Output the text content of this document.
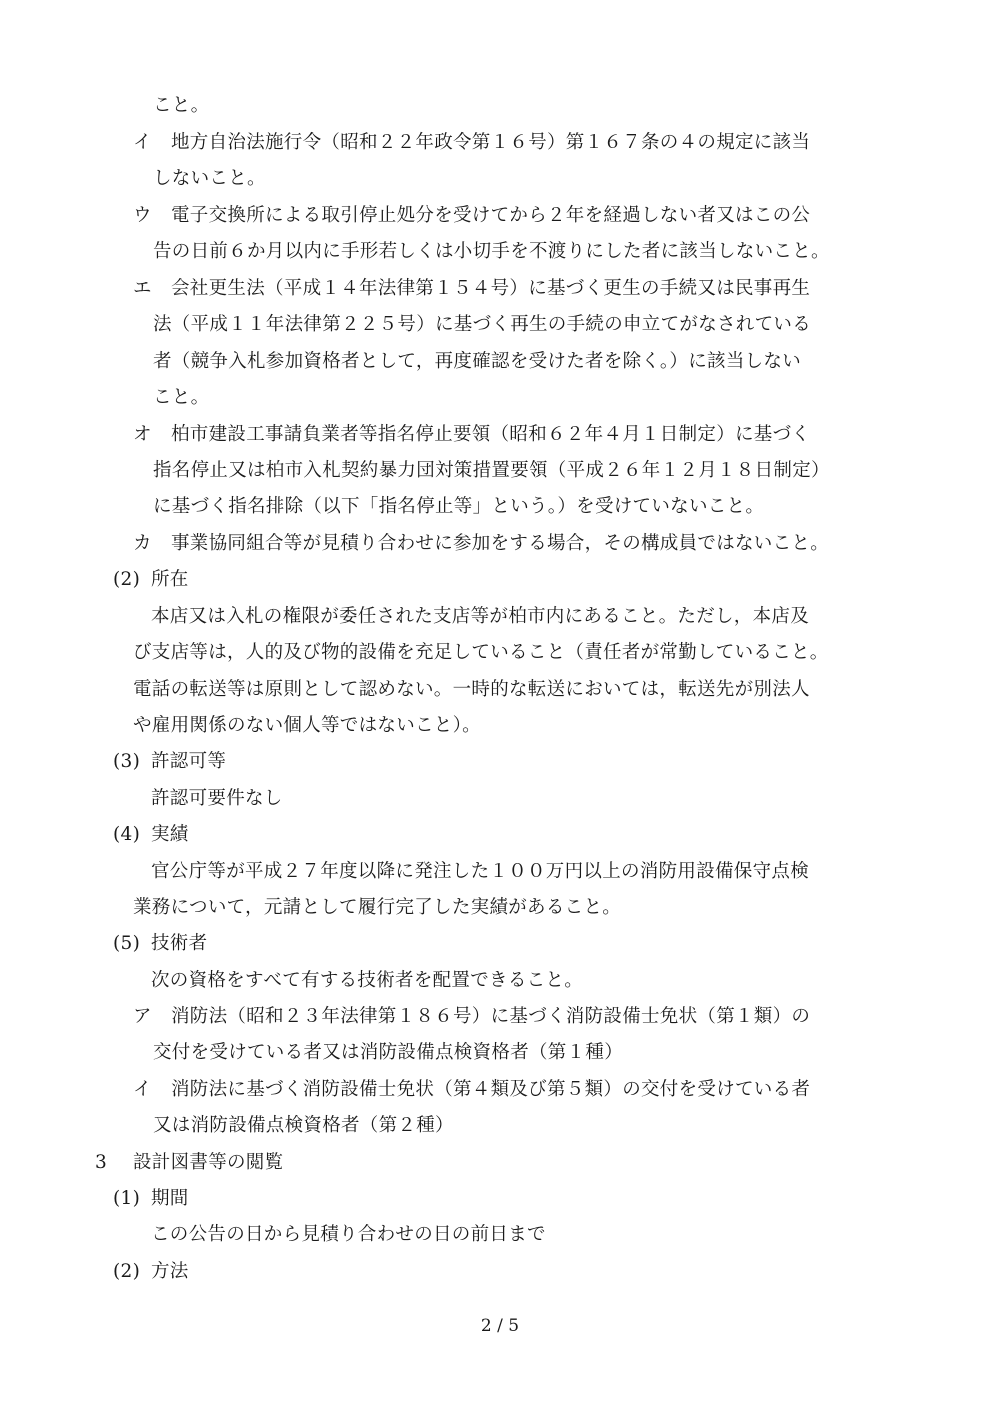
こと。
イ 地方自治法施行令（昭和２２年政令第１６号）第１６７条の４の規定に該当
しないこと。
ウ 電子交換所による取引停止処分を受けてから２年を経過しない者又はこの公
告の日前６か月以内に手形若しくは小切手を不渡りにした者に該当しないこと。
エ 会社更生法（平成１４年法律第１５４号）に基づく更生の手続又は民事再生
法（平成１１年法律第２２５号）に基づく再生の手続の申立てがなされている
者（競争入札参加資格者として，再度確認を受けた者を除く。）に該当しない
こと。
オ 柏市建設工事請負業者等指名停止要領（昭和６２年４月１日制定）に基づく
指名停止又は柏市入札契約暴力団対策措置要領（平成２６年１２月１８日制定）
に基づく指名排除（以下「指名停止等」という。）を受けていないこと。
カ 事業協同組合等が見積り合わせに参加をする場合，その構成員ではないこと。
(2) 所在
本店又は入札の権限が委任された支店等が柏市内にあること。ただし，本店及
び支店等は，人的及び物的設備を充足していること（責任者が常勤していること。
電話の転送等は原則として認めない。一時的な転送においては，転送先が別法人
や雇用関係のない個人等ではないこと）。
(3) 許認可等
許認可要件なし
(4) 実績
官公庁等が平成２７年度以降に発注した１００万円以上の消防用設備保守点検
業務について，元請として履行完了した実績があること。
(5) 技術者
次の資格をすべて有する技術者を配置できること。
ア 消防法（昭和２３年法律第１８６号）に基づく消防設備士免状（第１類）の
交付を受けている者又は消防設備点検資格者（第１種）
イ 消防法に基づく消防設備士免状（第４類及び第５類）の交付を受けている者
又は消防設備点検資格者（第２種）
3 設計図書等の閲覧
(1) 期間
この公告の日から見積り合わせの日の前日まで
(2) 方法
2 / 5
